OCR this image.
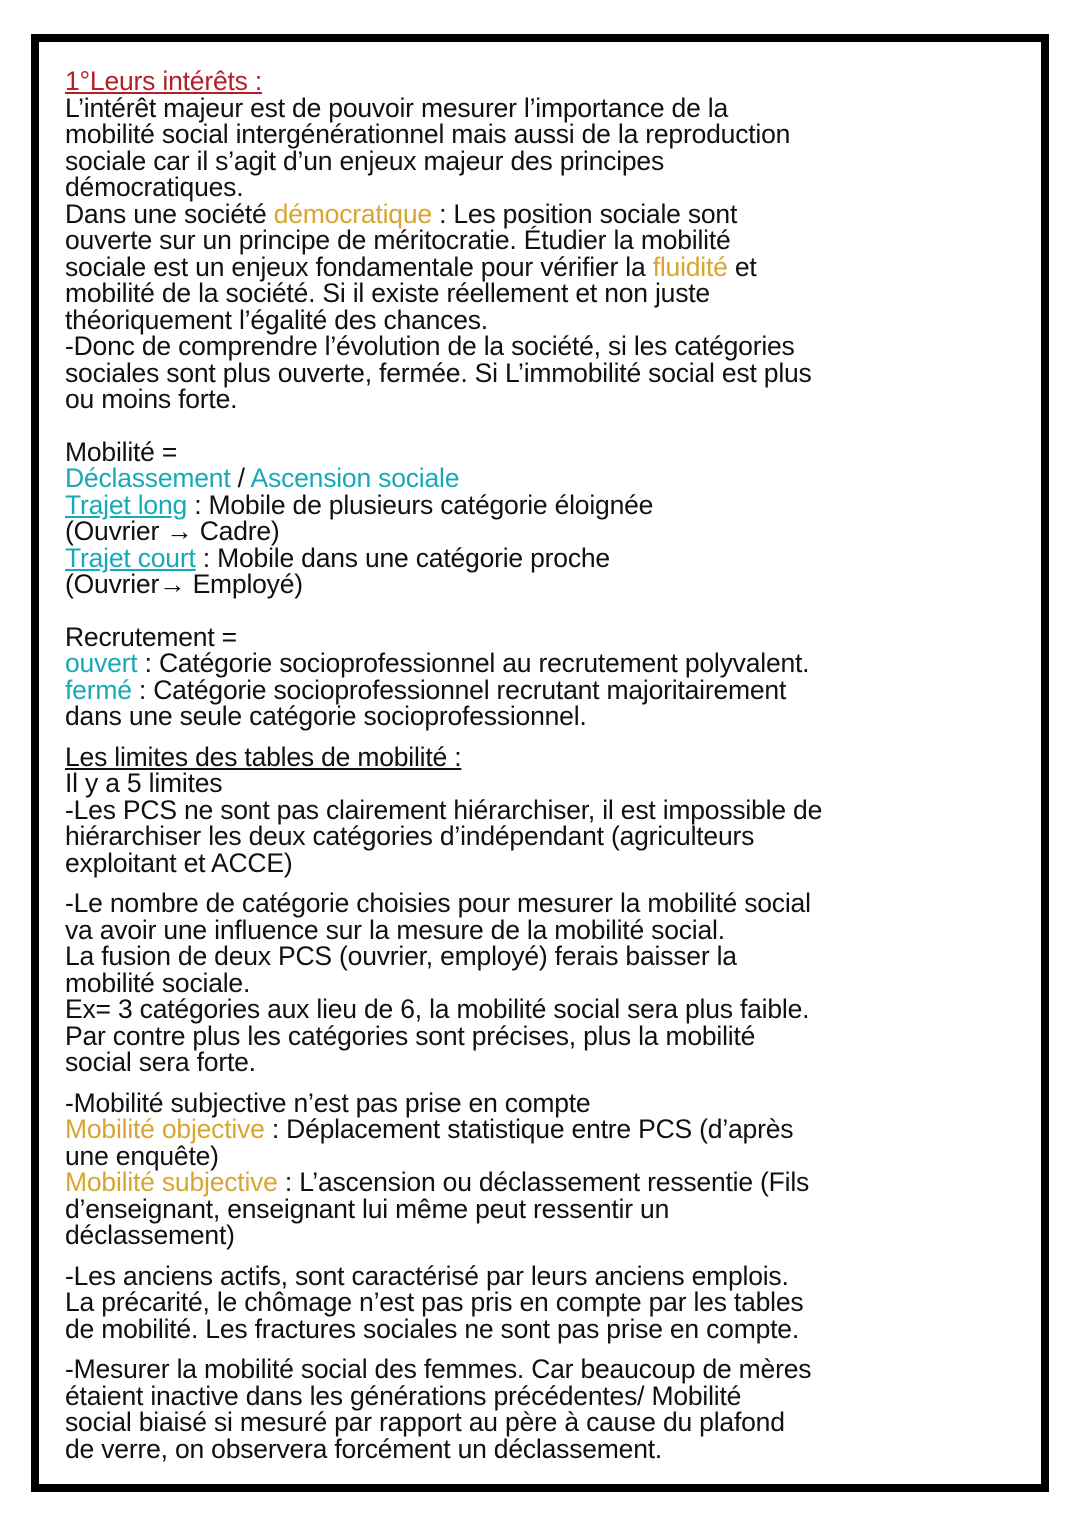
1°Leurs intérêts :
L’intérêt majeur est de pouvoir mesurer l’importance de la
mobilité social intergénérationnel mais aussi de la reproduction
sociale car il s’agit d’un enjeux majeur des principes
démocratiques.
Dans une société démocratique : Les position sociale sont
ouverte sur un principe de méritocratie. Étudier la mobilité
sociale est un enjeux fondamentale pour vérifier la fluidité et
mobilité de la société. Si il existe réellement et non juste
théoriquement l’égalité des chances.
-Donc de comprendre l’évolution de la société, si les catégories
sociales sont plus ouverte, fermée. Si L’immobilité social est plus
ou moins forte.
Mobilité =
Déclassement / Ascension sociale
Trajet long : Mobile de plusieurs catégorie éloignée
(Ouvrier → Cadre)
Trajet court : Mobile dans une catégorie proche
(Ouvrier→ Employé)
Recrutement =
ouvert : Catégorie socioprofessionnel au recrutement polyvalent.
fermé : Catégorie socioprofessionnel recrutant majoritairement
dans une seule catégorie socioprofessionnel.
Les limites des tables de mobilité :
Il y a 5 limites
-Les PCS ne sont pas clairement hiérarchiser, il est impossible de
hiérarchiser les deux catégories d’indépendant (agriculteurs
exploitant et ACCE)
-Le nombre de catégorie choisies pour mesurer la mobilité social
va avoir une influence sur la mesure de la mobilité social.
La fusion de deux PCS (ouvrier, employé) ferais baisser la
mobilité sociale.
Ex= 3 catégories aux lieu de 6, la mobilité social sera plus faible.
Par contre plus les catégories sont précises, plus la mobilité
social sera forte.
-Mobilité subjective n’est pas prise en compte
Mobilité objective : Déplacement statistique entre PCS (d’après
une enquête)
Mobilité subjective : L’ascension ou déclassement ressentie (Fils
d’enseignant, enseignant lui même peut ressentir un
déclassement)
-Les anciens actifs, sont caractérisé par leurs anciens emplois.
La précarité, le chômage n’est pas pris en compte par les tables
de mobilité. Les fractures sociales ne sont pas prise en compte.
-Mesurer la mobilité social des femmes. Car beaucoup de mères
étaient inactive dans les générations précédentes/ Mobilité
social biaisé si mesuré par rapport au père à cause du plafond
de verre, on observera forcément un déclassement.
